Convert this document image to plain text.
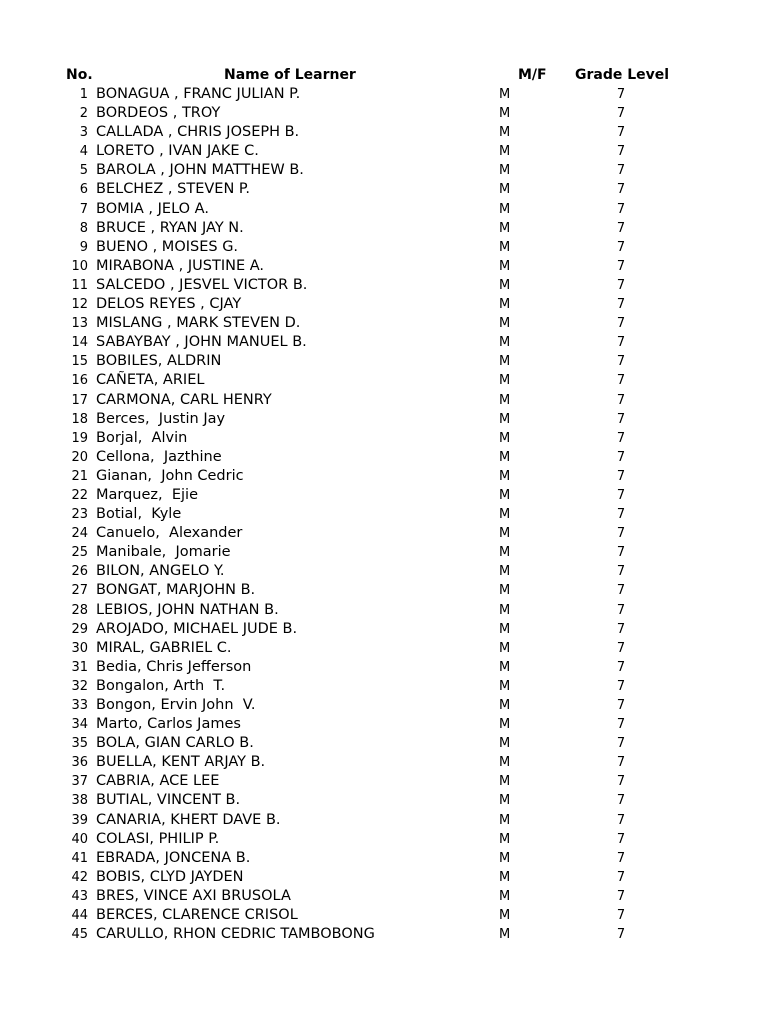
No.	Name of Learner	M/F Grade Level
1 BONAGUA , FRANC JULIAN P.	M	7
2 BORDEOS , TROY	M	7
3 CALLADA , CHRIS JOSEPH B.	M	7
4 LORETO , IVAN JAKE C.	M	7
5 BAROLA , JOHN MATTHEW B.	M	7
6 BELCHEZ , STEVEN P.	M	7
7 BOMIA , JELO A.	M	7
8 BRUCE , RYAN JAY N.	M	7
9 BUENO , MOISES G.	M	7
10 MIRABONA , JUSTINE A.	M	7
11 SALCEDO , JESVEL VICTOR B.	M	7
12 DELOS REYES , CJAY	M	7
13 MISLANG , MARK STEVEN D.	M	7
14 SABAYBAY , JOHN MANUEL B.	M	7
15 BOBILES, ALDRIN	M	7
16 CAÑETA, ARIEL	M	7
17 CARMONA, CARL HENRY	M	7
18 Berces,  Justin Jay	M	7
19 Borjal,  Alvin	M	7
20 Cellona,  Jazthine	M	7
21 Gianan,  John Cedric	M	7
22 Marquez,  Ejie	M	7
23 Botial,  Kyle	M	7
24 Canuelo,  Alexander	M	7
25 Manibale,  Jomarie	M	7
26 BILON, ANGELO Y.	M	7
27 BONGAT, MARJOHN B.	M	7
28 LEBIOS, JOHN NATHAN B.	M	7
29 AROJADO, MICHAEL JUDE B.	M	7
30 MIRAL, GABRIEL C.	M	7
31 Bedia, Chris Jefferson	M	7
32 Bongalon, Arth  T.	M	7
33 Bongon, Ervin John  V.	M	7
34 Marto, Carlos James	M	7
35 BOLA, GIAN CARLO B.	M	7
36 BUELLA, KENT ARJAY B.	M	7
37 CABRIA, ACE LEE	M	7
38 BUTIAL, VINCENT B.	M	7
39 CANARIA, KHERT DAVE B.	M	7
40 COLASI, PHILIP P.	M	7
41 EBRADA, JONCENA B.	M	7
42 BOBIS, CLYD JAYDEN	M	7
43 BRES, VINCE AXI BRUSOLA	M	7
44 BERCES, CLARENCE CRISOL	M	7
45 CARULLO, RHON CEDRIC TAMBOBONG	M	7
